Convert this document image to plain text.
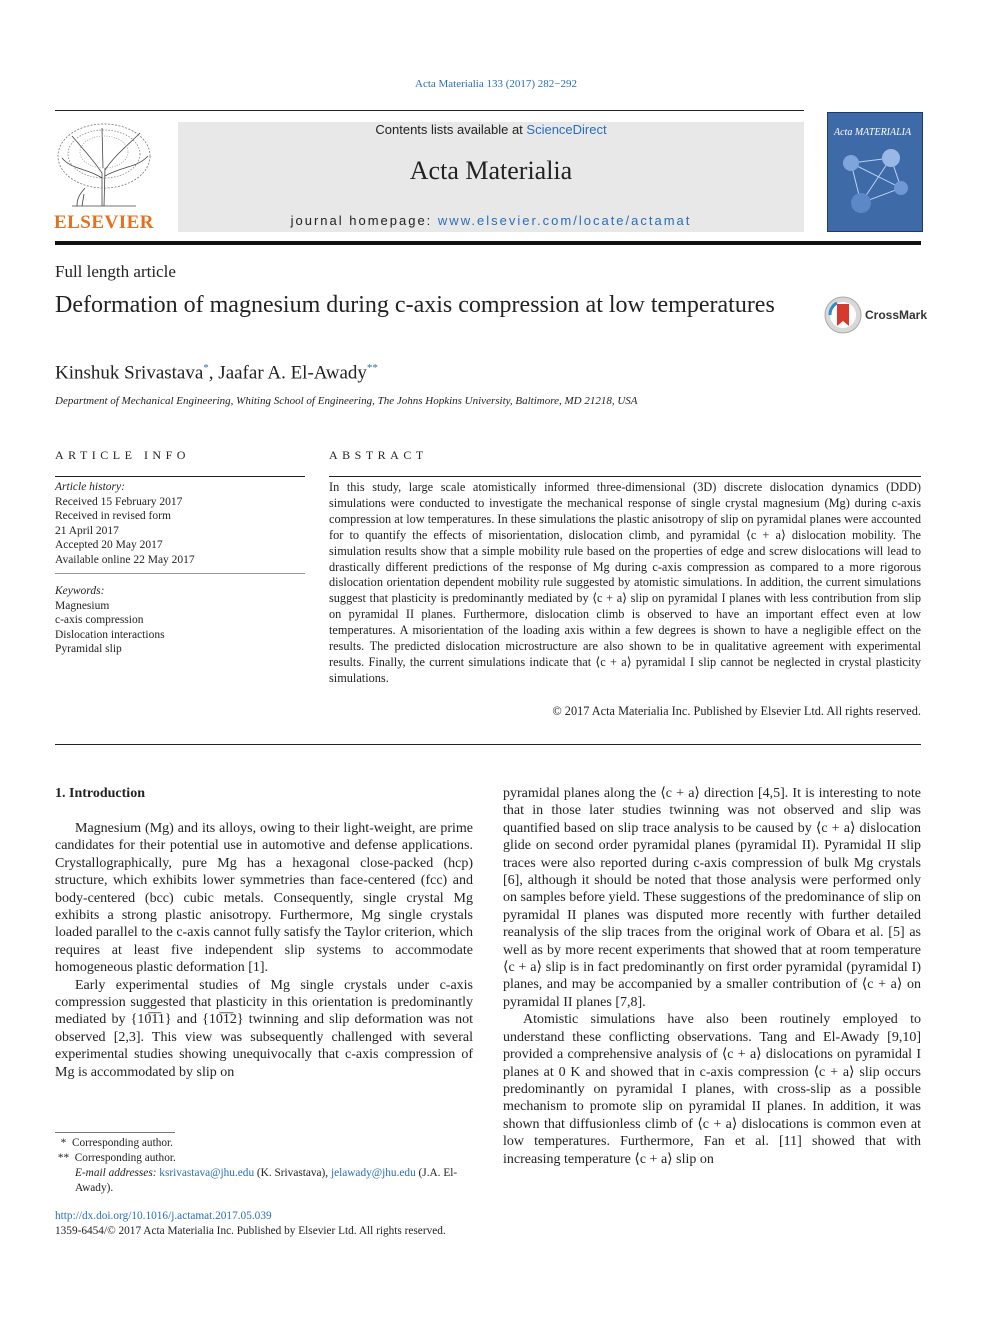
Acta Materialia 133 (2017) 282−292
ELSEVIER
Contents lists available at ScienceDirect
Acta Materialia
journal homepage: www.elsevier.com/locate/actamat
Acta MATERIALIA
Full length article
Deformation of magnesium during c-axis compression at low temperatures	CrossMark
Kinshuk Srivastava*, Jaafar A. El-Awady**
Department of Mechanical Engineering, Whiting School of Engineering, The Johns Hopkins University, Baltimore, MD 21218, USA
ARTICLE INFO
Article history:
Received 15 February 2017
Received in revised form
21 April 2017
Accepted 20 May 2017
Available online 22 May 2017
Keywords:
Magnesium
c-axis compression
Dislocation interactions
Pyramidal slip
ABSTRACT
In this study, large scale atomistically informed three-dimensional (3D) discrete dislocation dynamics (DDD) simulations were conducted to investigate the mechanical response of single crystal magnesium (Mg) during c-axis compression at low temperatures. In these simulations the plastic anisotropy of slip on pyramidal planes were accounted for to quantify the effects of misorientation, dislocation climb, and pyramidal ⟨c + a⟩ dislocation mobility. The simulation results show that a simple mobility rule based on the properties of edge and screw dislocations will lead to drastically different predictions of the response of Mg during c-axis compression as compared to a more rigorous dislocation orientation dependent mobility rule suggested by atomistic simulations. In addition, the current simulations suggest that plasticity is predominantly mediated by ⟨c + a⟩ slip on pyramidal I planes with less contribution from slip on pyramidal II planes. Furthermore, dislocation climb is observed to have an important effect even at low temperatures. A misorientation of the loading axis within a few degrees is shown to have a negligible effect on the results. The predicted dislocation microstructure are also shown to be in qualitative agreement with experimental results. Finally, the current simulations indicate that ⟨c + a⟩ pyramidal I slip cannot be neglected in crystal plasticity simulations.
© 2017 Acta Materialia Inc. Published by Elsevier Ltd. All rights reserved.
1. Introduction

Magnesium (Mg) and its alloys, owing to their light-weight, are prime candidates for their potential use in automotive and defense applications. Crystallographically, pure Mg has a hexagonal close-packed (hcp) structure, which exhibits lower symmetries than face-centered (fcc) and body-centered (bcc) cubic metals. Consequently, single crystal Mg exhibits a strong plastic anisotropy. Furthermore, Mg single crystals loaded parallel to the c-axis cannot fully satisfy the Taylor criterion, which requires at least five independent slip systems to accommodate homogeneous plastic deformation [1].

Early experimental studies of Mg single crystals under c-axis compression suggested that plasticity in this orientation is predominantly mediated by {10̅1̅1} and {10̅1̅2} twinning and slip deformation was not observed [2,3]. This view was subsequently challenged with several experimental studies showing unequivocally that c-axis compression of Mg is accommodated by slip on

pyramidal planes along the ⟨c + a⟩ direction [4,5]. It is interesting to note that in those later studies twinning was not observed and slip was quantified based on slip trace analysis to be caused by ⟨c + a⟩ dislocation glide on second order pyramidal planes (pyramidal II). Pyramidal II slip traces were also reported during c-axis compression of bulk Mg crystals [6], although it should be noted that those analysis were performed only on samples before yield. These suggestions of the predominance of slip on pyramidal II planes was disputed more recently with further detailed reanalysis of the slip traces from the original work of Obara et al. [5] as well as by more recent experiments that showed that at room temperature ⟨c + a⟩ slip is in fact predominantly on first order pyramidal (pyramidal I) planes, and may be accompanied by a smaller contribution of ⟨c + a⟩ on pyramidal II planes [7,8].

Atomistic simulations have also been routinely employed to understand these conflicting observations. Tang and El-Awady [9,10] provided a comprehensive analysis of ⟨c + a⟩ dislocations on pyramidal I planes at 0 K and showed that in c-axis compression ⟨c + a⟩ slip occurs predominantly on pyramidal I planes, with cross-slip as a possible mechanism to promote slip on pyramidal II planes. In addition, it was shown that diffusionless climb of ⟨c + a⟩ dislocations is common even at low temperatures. Furthermore, Fan et al. [11] showed that with increasing temperature ⟨c + a⟩ slip on

*  Corresponding author.
**  Corresponding author.
E-mail addresses: ksrivastava@jhu.edu (K. Srivastava), jelawady@jhu.edu (J.A. El-Awady).
http://dx.doi.org/10.1016/j.actamat.2017.05.039
1359-6454/© 2017 Acta Materialia Inc. Published by Elsevier Ltd. All rights reserved.
